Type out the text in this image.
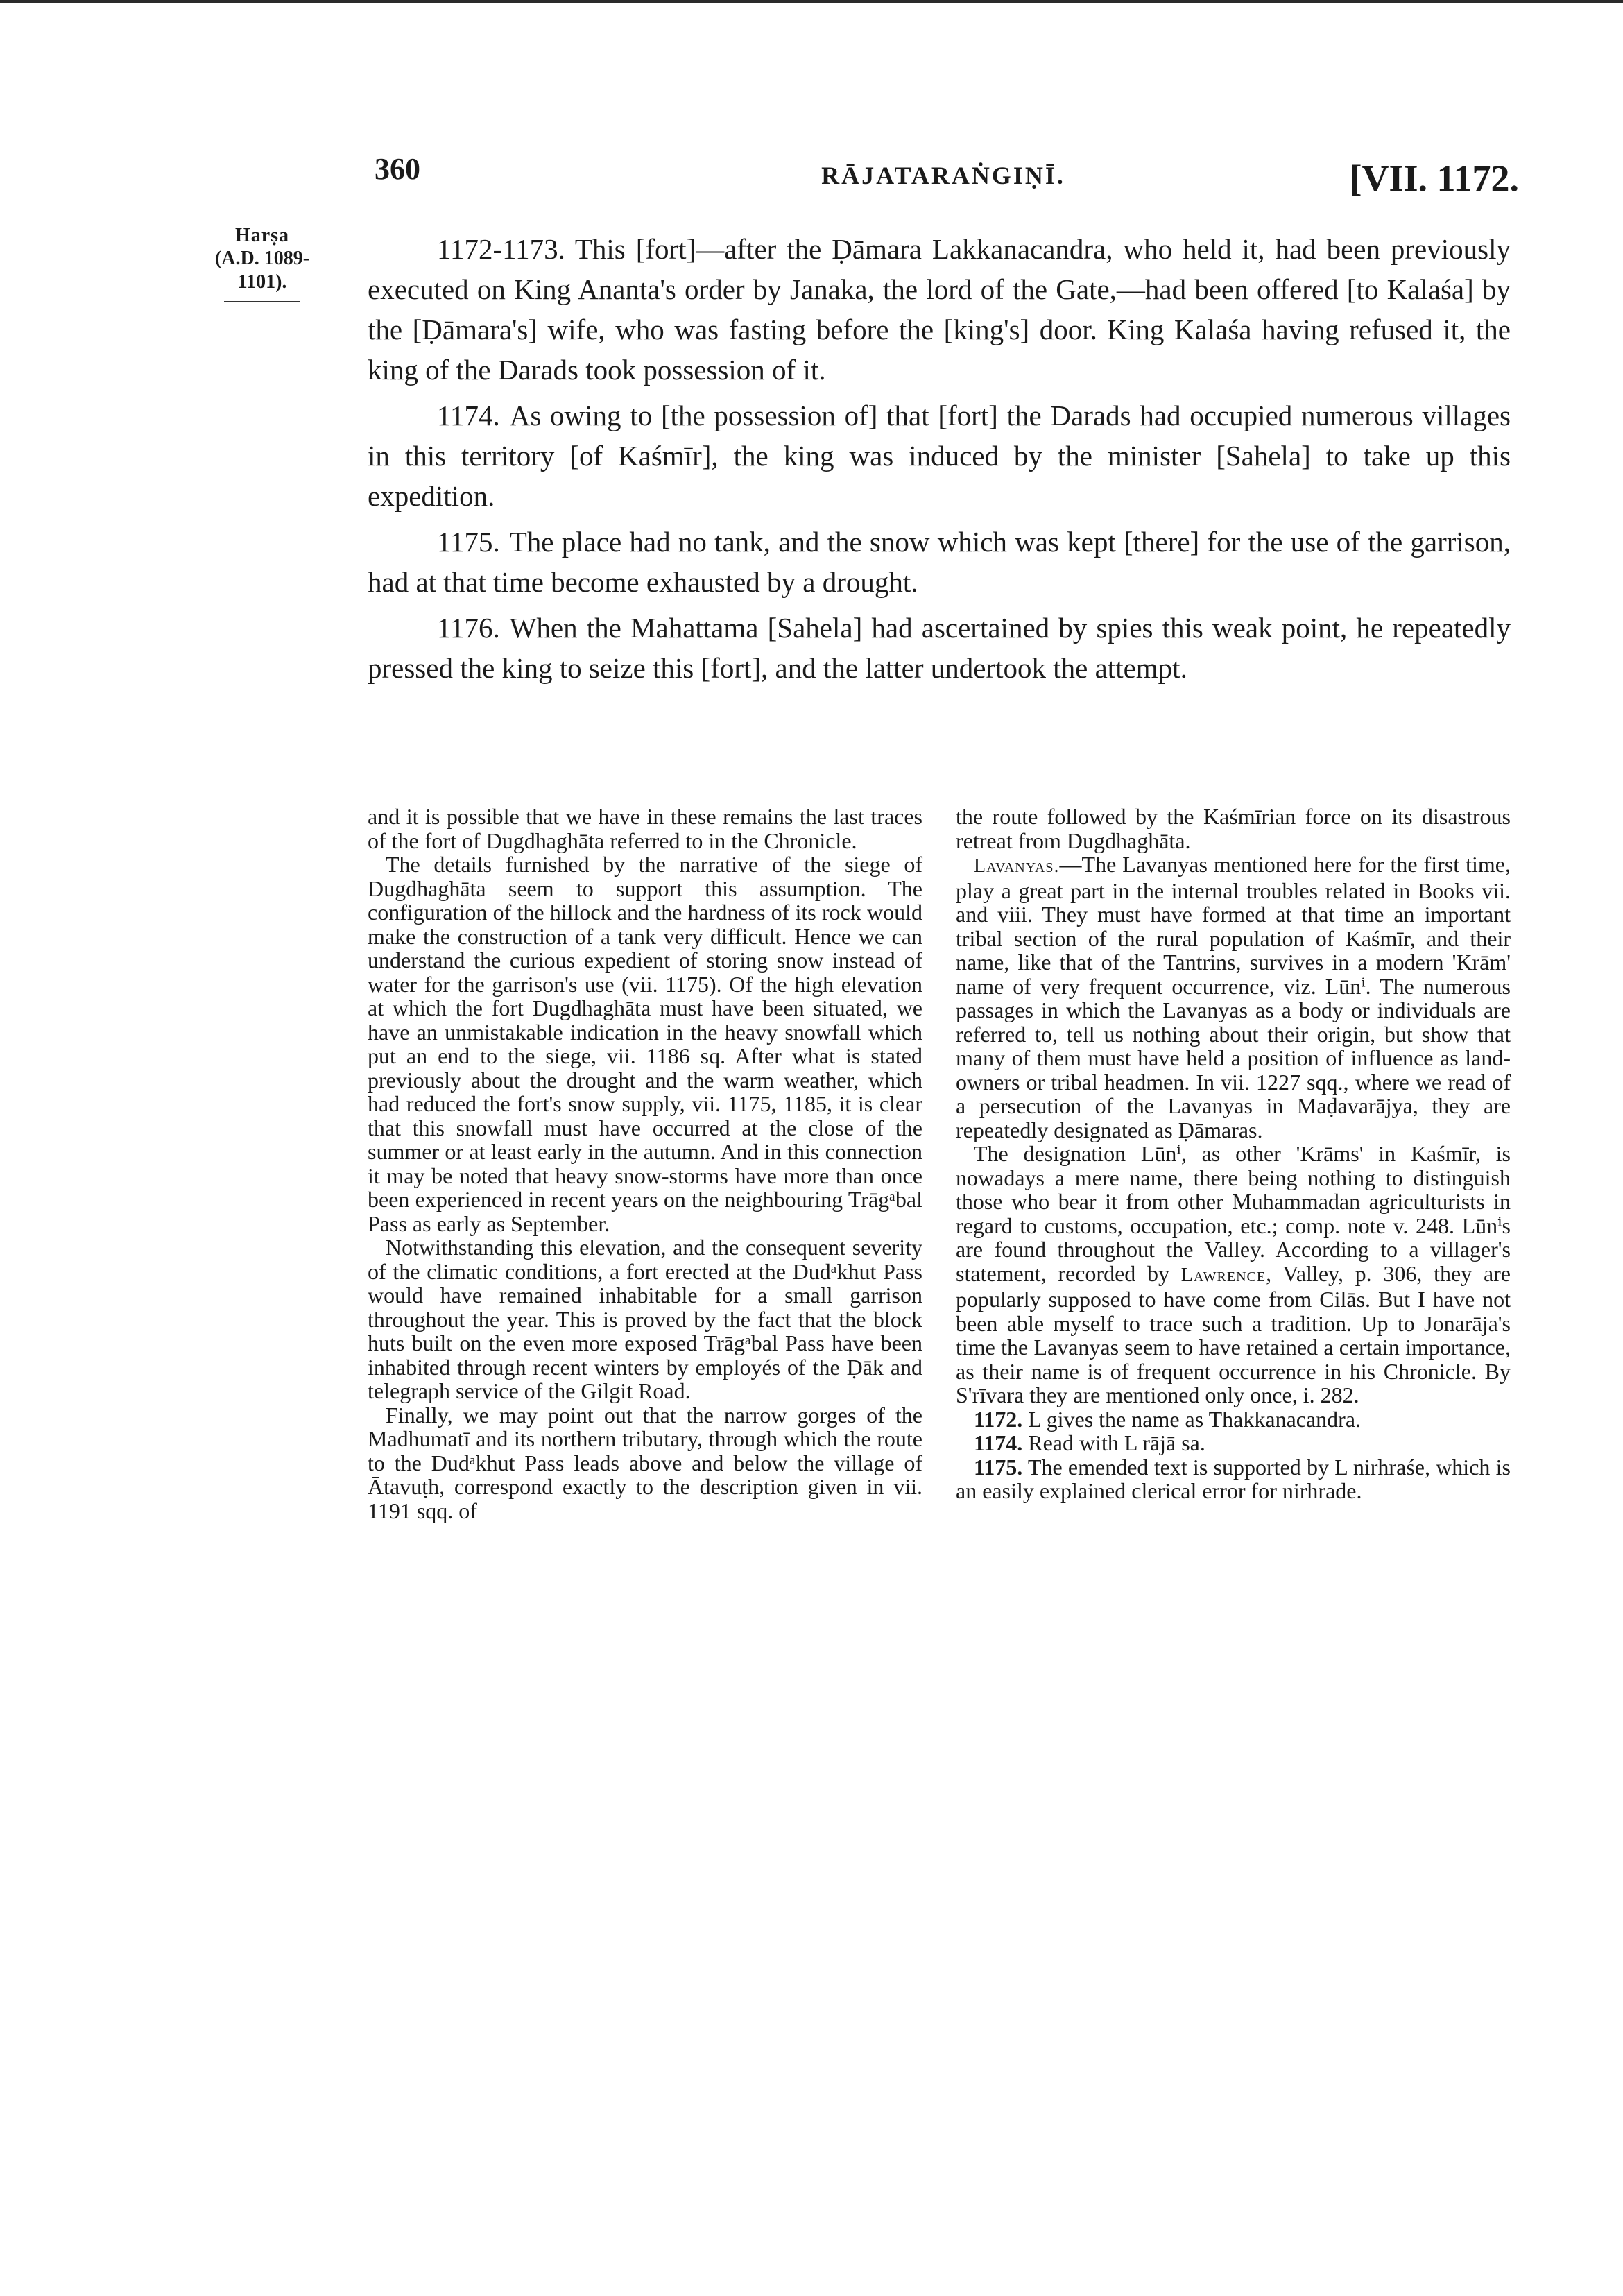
360	RĀJATARAṄGIṆĪ.	[VII. 1172.
Harṣa
(A.D. 1089-1101).

1172-1173. This [fort]—after the Ḍāmara Lakkanacandra, who held it, had been previously executed on King Ananta's order by Janaka, the lord of the Gate,—had been offered [to Kalaśa] by the [Ḍāmara's] wife, who was fasting before the [king's] door. King Kalaśa having refused it, the king of the Darads took possession of it.

1174. As owing to [the possession of] that [fort] the Darads had occupied numerous villages in this territory [of Kaśmīr], the king was induced by the minister [Sahela] to take up this expedition.

1175. The place had no tank, and the snow which was kept [there] for the use of the garrison, had at that time become exhausted by a drought.

1176. When the Mahattama [Sahela] had ascertained by spies this weak point, he repeatedly pressed the king to seize this [fort], and the latter undertook the attempt.

and it is possible that we have in these remains the last traces of the fort of Dugdhaghāta referred to in the Chronicle.

The details furnished by the narrative of the siege of Dugdhaghāta seem to support this assumption. The configuration of the hillock and the hardness of its rock would make the construction of a tank very difficult. Hence we can understand the curious expedient of storing snow instead of water for the garrison's use (vii. 1175). Of the high elevation at which the fort Dugdhaghāta must have been situated, we have an unmistakable indication in the heavy snowfall which put an end to the siege, vii. 1186 sq. After what is stated previously about the drought and the warm weather, which had reduced the fort's snow supply, vii. 1175, 1185, it is clear that this snowfall must have occurred at the close of the summer or at least early in the autumn. And in this connection it may be noted that heavy snow-storms have more than once been experienced in recent years on the neighbouring Trāgᵃbal Pass as early as September.

Notwithstanding this elevation, and the consequent severity of the climatic conditions, a fort erected at the Dudᵃkhut Pass would have remained inhabitable for a small garrison throughout the year. This is proved by the fact that the block huts built on the even more exposed Trāgᵃbal Pass have been inhabited through recent winters by employés of the Ḍāk and telegraph service of the Gilgit Road.

Finally, we may point out that the narrow gorges of the Madhumatī and its northern tributary, through which the route to the Dudᵃkhut Pass leads above and below the village of Ātavuṭh, correspond exactly to the description given in vii. 1191 sqq. of

the route followed by the Kaśmīrian force on its disastrous retreat from Dugdhaghāta.

Lavanyas.—The Lavanyas mentioned here for the first time, play a great part in the internal troubles related in Books vii. and viii. They must have formed at that time an important tribal section of the rural population of Kaśmīr, and their name, like that of the Tantrins, survives in a modern 'Krām' name of very frequent occurrence, viz. Lūnⁱ. The numerous passages in which the Lavanyas as a body or individuals are referred to, tell us nothing about their origin, but show that many of them must have held a position of influence as land-owners or tribal headmen. In vii. 1227 sqq., where we read of a persecution of the Lavanyas in Maḍavarājya, they are repeatedly designated as Ḍāmaras.

The designation Lūnⁱ, as other 'Krāms' in Kaśmīr, is nowadays a mere name, there being nothing to distinguish those who bear it from other Muhammadan agriculturists in regard to customs, occupation, etc.; comp. note v. 248. Lūnⁱs are found throughout the Valley. According to a villager's statement, recorded by Lawrence, Valley, p. 306, they are popularly supposed to have come from Cilās. But I have not been able myself to trace such a tradition. Up to Jonarāja's time the Lavanyas seem to have retained a certain importance, as their name is of frequent occurrence in his Chronicle. By S'rīvara they are mentioned only once, i. 282.

1172. L gives the name as Thakkanacandra.

1174. Read with L rājā sa.

1175. The emended text is supported by L nirhraśe, which is an easily explained clerical error for nirhrade.
